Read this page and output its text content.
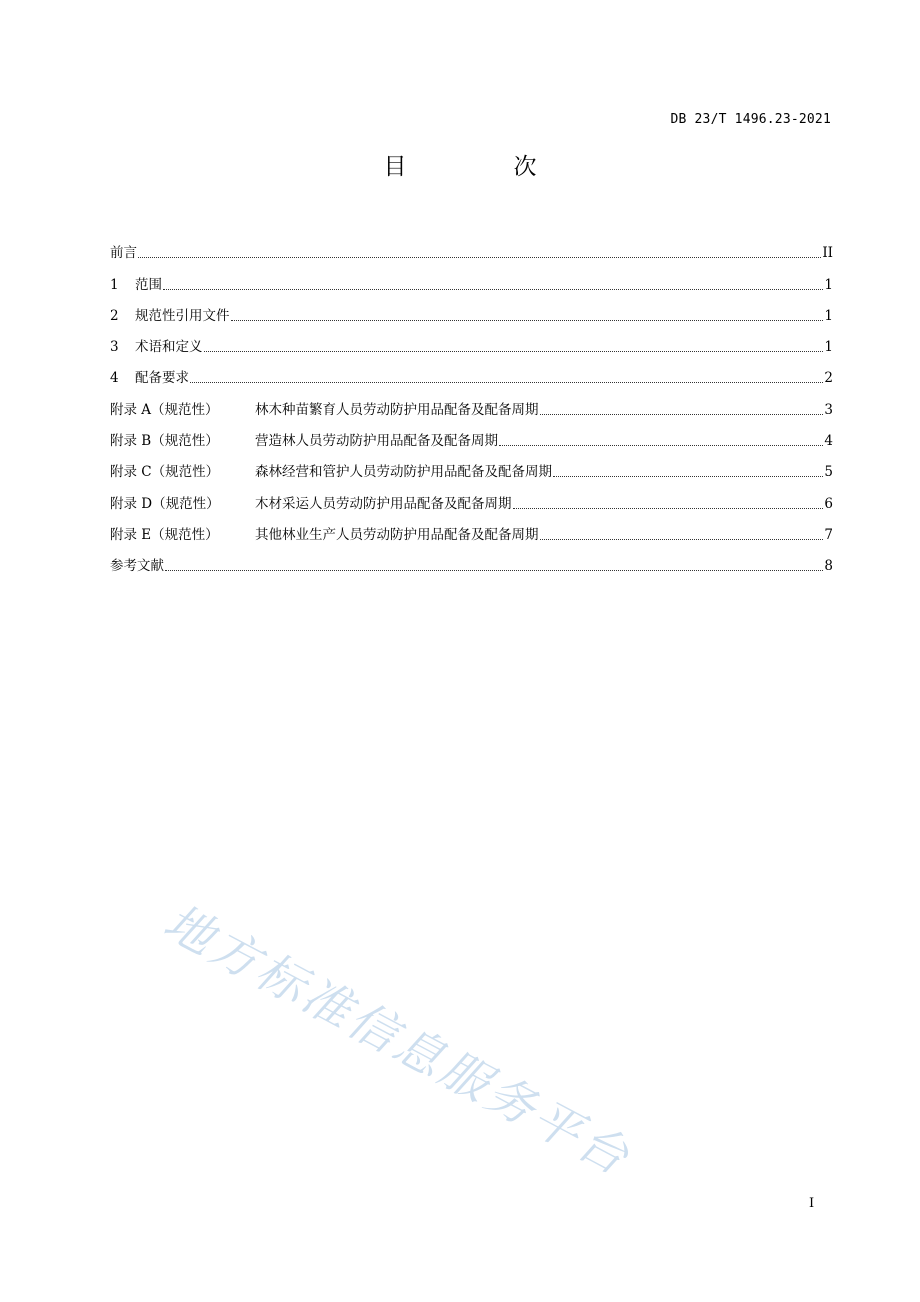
DB 23/T 1496.23-2021
目　次
前言	II
1 范围	1
2 规范性引用文件	1
3 术语和定义	1
4 配备要求	2
附录 A（规范性）	林木种苗繁育人员劳动防护用品配备及配备周期	3
附录 B（规范性）	营造林人员劳动防护用品配备及配备周期	4
附录 C（规范性）	森林经营和管护人员劳动防护用品配备及配备周期	5
附录 D（规范性）	木材采运人员劳动防护用品配备及配备周期	6
附录 E（规范性）	其他林业生产人员劳动防护用品配备及配备周期	7
参考文献	8
地方标准信息服务平台
I
